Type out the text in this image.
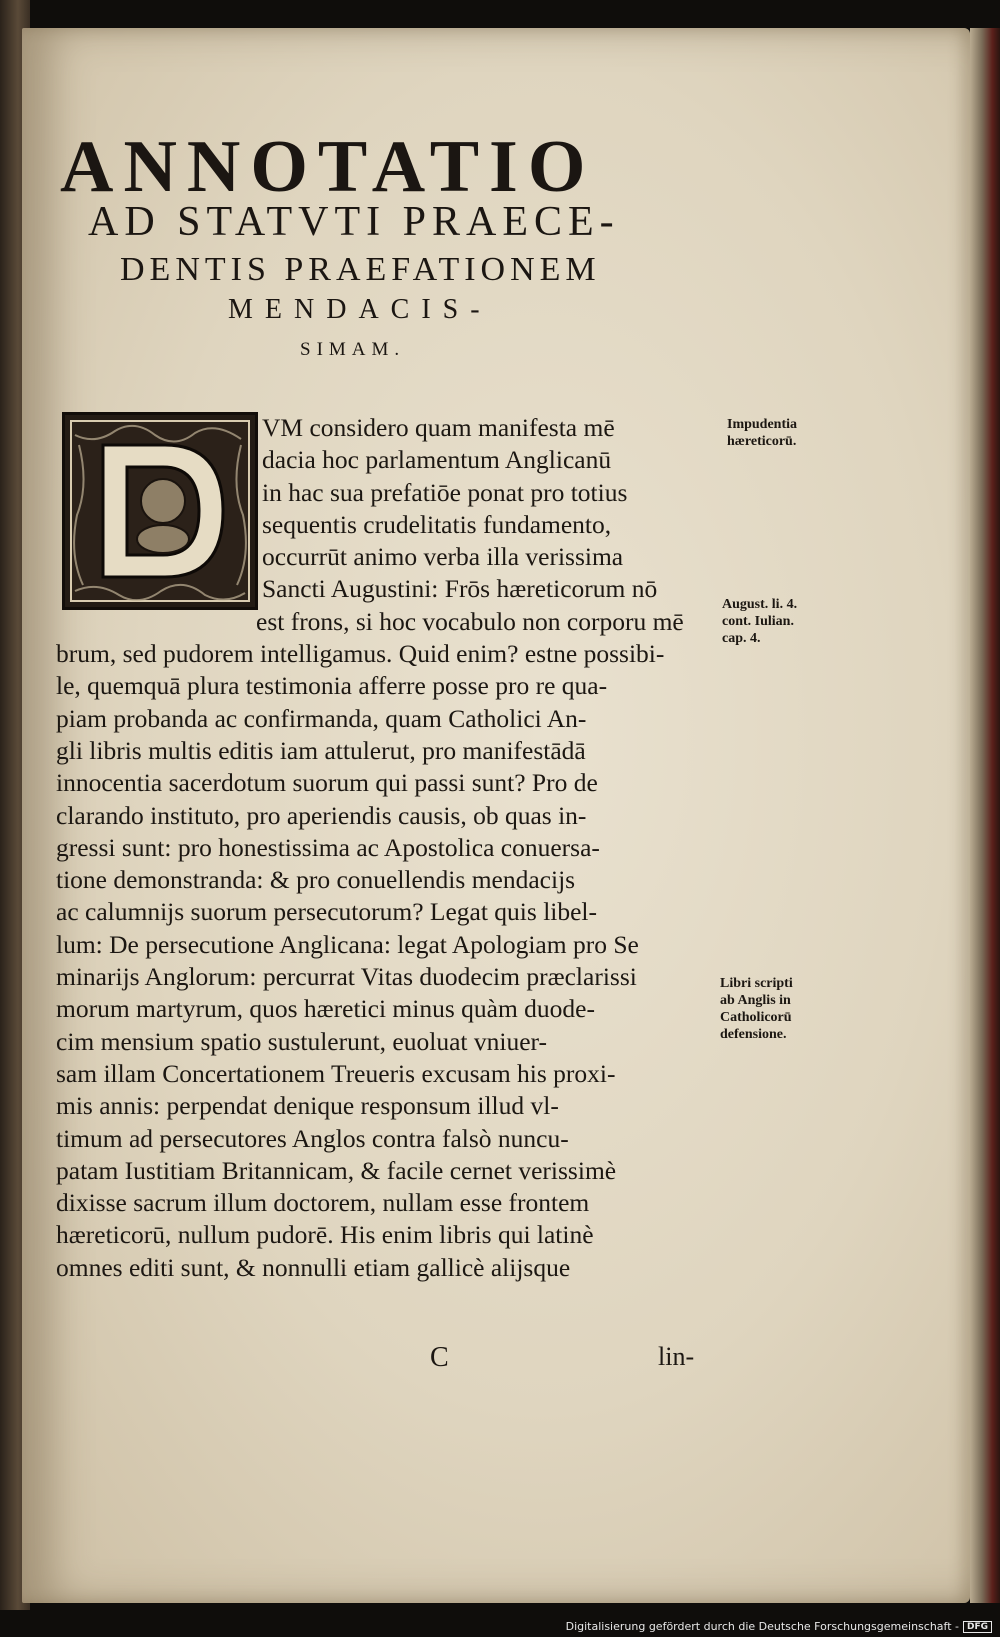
ANNOTATIO
AD STATVTI PRAECE-
DENTIS PRAEFATIONEM
MENDACIS-
SIMAM.
VM considero quam manifesta mē
dacia hoc parlamentum Anglicanū
in hac sua prefatiōe ponat pro totius
sequentis crudelitatis fundamento,
occurrūt animo verba illa verissima
Sancti Augustini: Frōs hæreticorum nō
est frons, si hoc vocabulo non corporu mē
brum, sed pudorem intelligamus. Quid enim? estne possibi-
le, quemquā plura testimonia afferre posse pro re qua-
piam probanda ac confirmanda, quam Catholici An-
gli libris multis editis iam attulerut, pro manifestādā
innocentia sacerdotum suorum qui passi sunt? Pro de
clarando instituto, pro aperiendis causis, ob quas in-
gressi sunt: pro honestissima ac Apostolica conuersa-
tione demonstranda: & pro conuellendis mendacijs
ac calumnijs suorum persecutorum? Legat quis libel-
lum: De persecutione Anglicana: legat Apologiam pro Se
minarijs Anglorum: percurrat Vitas duodecim præclarissi
morum martyrum, quos hæretici minus quàm duode-
cim mensium spatio sustulerunt, euoluat vniuer-
sam illam Concertationem Treueris excusam his proxi-
mis annis: perpendat denique responsum illud vl-
timum ad persecutores Anglos contra falsò nuncu-
patam Iustitiam Britannicam, & facile cernet verissimè
dixisse sacrum illum doctorem, nullam esse frontem
hæreticorū, nullum pudorē. His enim libris qui latinè
omnes editi sunt, & nonnulli etiam gallicè alijsque
Impudentia
hæreticorū.
August. li. 4.
cont. Iulian.
cap. 4.
Libri scripti
ab Anglis in
Catholicorū
defensione.
C	lin-
Digitalisierung gefördert durch die Deutsche Forschungsgemeinschaft - DFG
